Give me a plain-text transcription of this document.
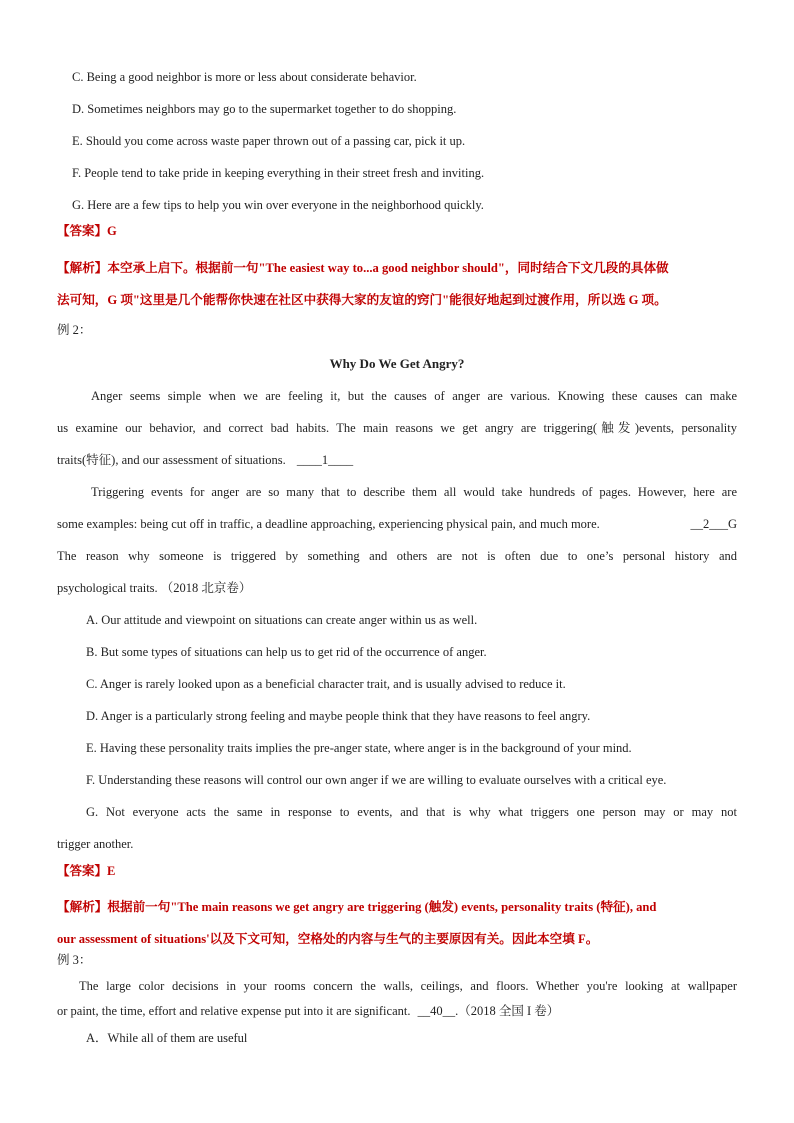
C. Being a good neighbor is more or less about considerate behavior.
D. Sometimes neighbors may go to the supermarket together to do shopping.
E. Should you come across waste paper thrown out of a passing car, pick it up.
F. People tend to take pride in keeping everything in their street fresh and inviting.
G. Here are a few tips to help you win over everyone in the neighborhood quickly.
【答案】G
【解析】本空承上启下。根据前一句"The easiest way to...a good neighbor should"，同时结合下文几段的具体做
法可知，G 项"这里是几个能帮你快速在社区中获得大家的友谊的窍门"能很好地起到过渡作用，所以选 G 项。
例 2：
Why Do We Get Angry?
Anger seems simple when we are feeling it, but the causes of anger are various. Knowing these causes can make
us examine our behavior, and correct bad habits. The main reasons we get angry are triggering(触发)events, personality
traits(特征), and our assessment of situations. ____1____
Triggering events for anger are so many that to describe them all would take hundreds of pages. However, here are
some examples: being cut off in traffic, a deadline approaching, experiencing physical pain, and much more.	__2___G
The reason why someone is triggered by something and others are not is often due to one’s personal history and
psychological traits. （2018 北京卷）
A. Our attitude and viewpoint on situations can create anger within us as well.
B. But some types of situations can help us to get rid of the occurrence of anger.
C. Anger is rarely looked upon as a beneficial character trait, and is usually advised to reduce it.
D. Anger is a particularly strong feeling and maybe people think that they have reasons to feel angry.
E. Having these personality traits implies the pre-anger state, where anger is in the background of your mind.
F. Understanding these reasons will control our own anger if we are willing to evaluate ourselves with a critical eye.
G. Not everyone acts the same in response to events, and that is why what triggers one person may or may not
trigger another.
【答案】E
【解析】根据前一句"The main reasons we get angry are triggering (触发) events, personality traits (特征), and
our assessment of situations'以及下文可知，空格处的内容与生气的主要原因有关。因此本空填 F。
例 3：
The large color decisions in your rooms concern the walls, ceilings, and floors. Whether you're looking at wallpaper
or paint, the time, effort and relative expense put into it are significant. __40__.（2018 全国 I 卷）
A．While all of them are useful
